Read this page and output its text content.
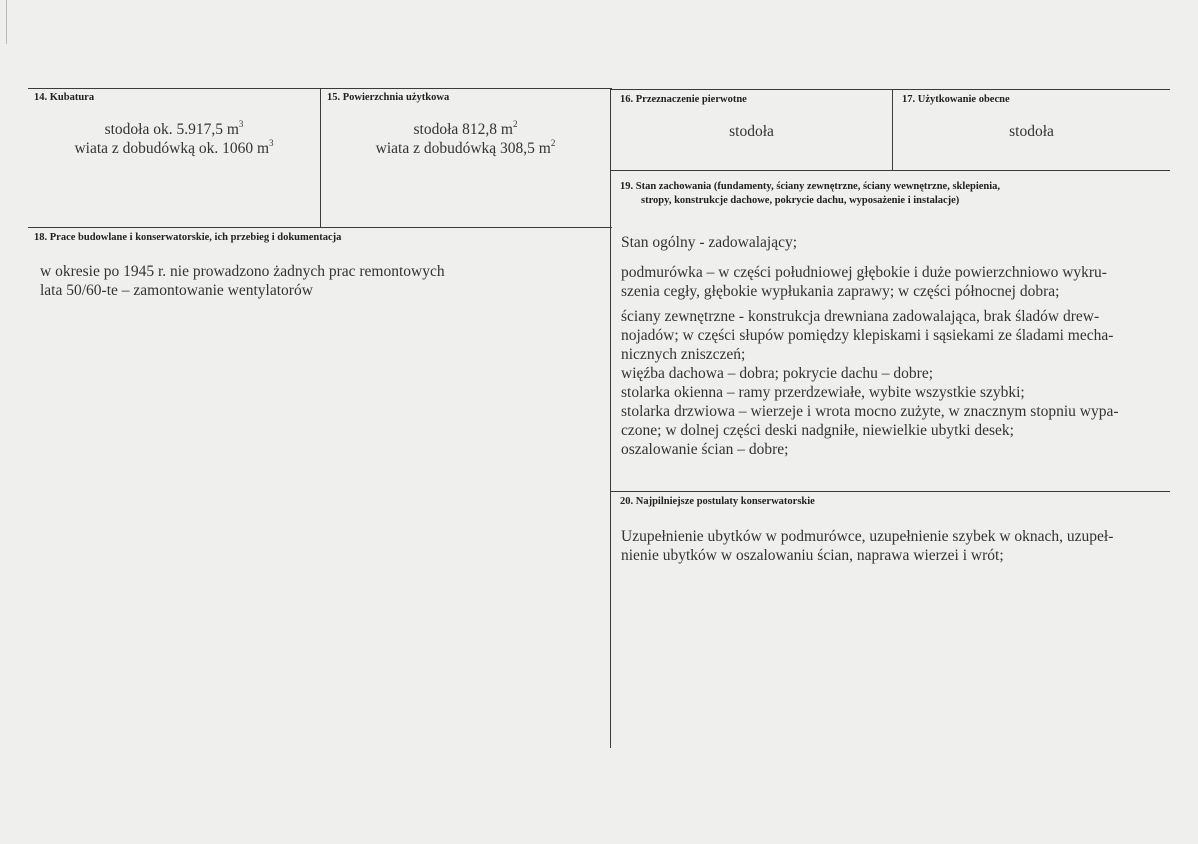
14. Kubatura
stodoła ok. 5.917,5 $m^3$
wiata z dobudówką ok. 1060 $m^3$
15. Powierzchnia użytkowa
stodoła 812,8 $m^2$
wiata z dobudówką 308,5 $m^2$
16. Przeznaczenie pierwotne
stodoła
17. Użytkowanie obecne
stodoła
18. Prace budowlane i konserwatorskie, ich przebieg i dokumentacja
w okresie po 1945 r. nie prowadzono żadnych prac remontowych
lata 50/60-te – zamontowanie wentylatorów
19. Stan zachowania (fundamenty, ściany zewnętrzne, ściany wewnętrzne, sklepienia,
stropy, konstrukcje dachowe, pokrycie dachu, wyposażenie i instalacje)
Stan ogólny - zadowalający;
podmurówka – w części południowej głębokie i duże powierzchniowo wykru-
szenia cegły, głębokie wypłukania zaprawy; w części północnej dobra;
ściany zewnętrzne - konstrukcja drewniana zadowalająca, brak śladów drew-
nojadów; w części słupów pomiędzy klepiskami i sąsiekami ze śladami mecha-
nicznych zniszczeń;
więźba dachowa – dobra; pokrycie dachu – dobre;
stolarka okienna – ramy przerdzewiałe, wybite wszystkie szybki;
stolarka drzwiowa – wierzeje i wrota mocno zużyte, w znacznym stopniu wypa-
czone; w dolnej części deski nadgniłe, niewielkie ubytki desek;
oszalowanie ścian – dobre;
20. Najpilniejsze postulaty konserwatorskie
Uzupełnienie ubytków w podmurówce, uzupełnienie szybek w oknach, uzupeł-
nienie ubytków w oszalowaniu ścian, naprawa wierzei i wrót;
